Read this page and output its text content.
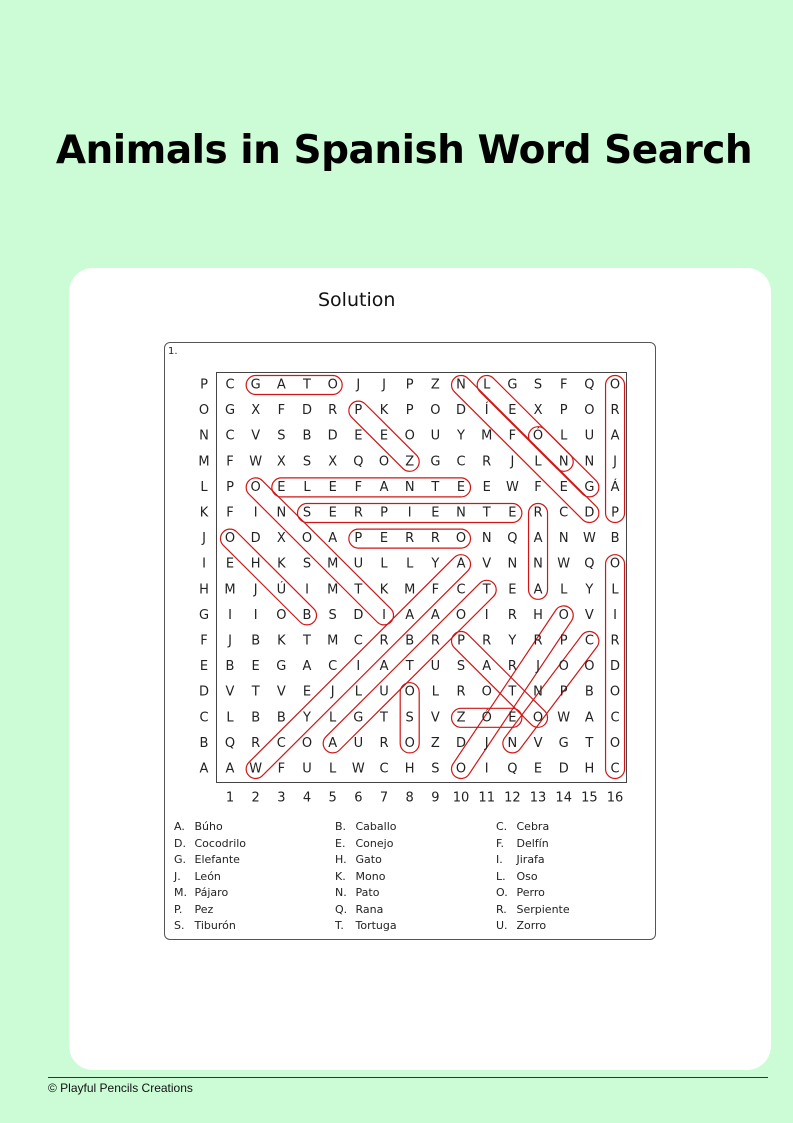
Animals in Spanish Word Search
Solution
1.
C G A T O J J P Z N L G S F Q O
G X F D R P K P O D Í E X P O R
C V S B D E E O U Y M F Ó L U A
F W X S X Q O Z G C R J L N N J
P O E L E F A N T E E W F E G Á
F I N S E R P I E N T E R C D P
O D X O A P E R R O N Q A N W B
E H K S M U L L Y A V N N W Q O
M J Ú I M T K M F C T E A L Y L
I I O B S D I A A O I R H O V I
J B K T M C R B R P R Y R P C R
B E G A C I A T U S A R J O O D
V T V E J L U O L R O T N P B O
L B B Y L G T S V Z Ó E O W A C
Q R C O A U R O Z D J N V G T O
A W F U L W C H S O I Q E D H C
P
O
N
M
L
K
J
I
H
G
F
E
D
C
B
A
1 2 3 4 5 6 7 8 9 10 11 12 13 14 15 16
A. Búho	B. Caballo	C. Cebra
D. Cocodrilo	E. Conejo	F. Delfín
G. Elefante	H. Gato	I. Jirafa
J. León	K. Mono	L. Oso
M. Pájaro	N. Pato	O. Perro
P. Pez	Q. Rana	R. Serpiente
S. Tiburón	T. Tortuga	U. Zorro
© Playful Pencils Creations
